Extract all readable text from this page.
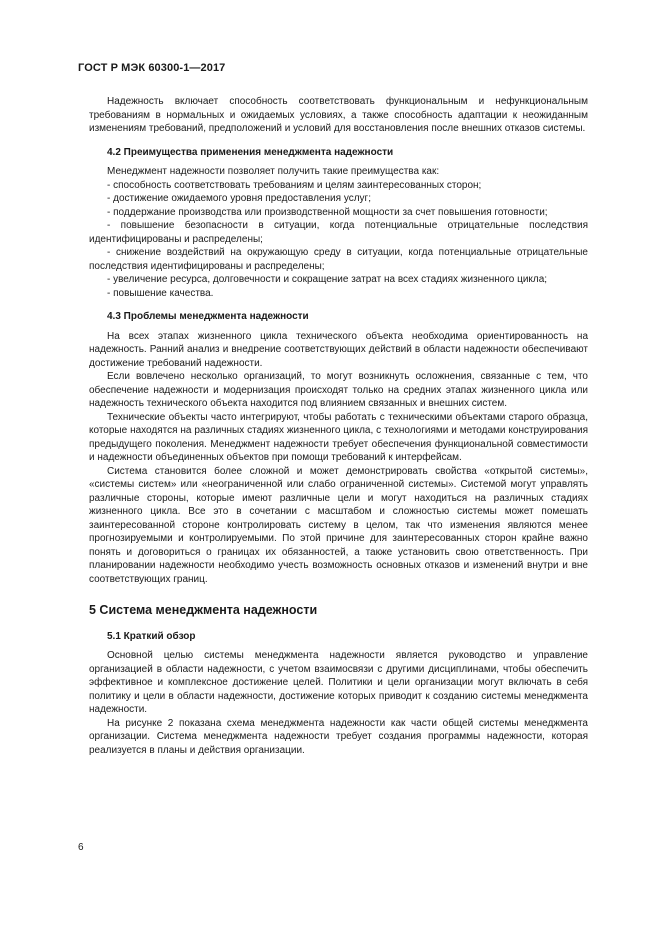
ГОСТ Р МЭК 60300-1—2017

Надежность включает способность соответствовать функциональным и нефункциональным требованиям в нормальных и ожидаемых условиях, а также способность адаптации к неожиданным изменениям требований, предположений и условий для восстановления после внешних отказов системы.

4.2 Преимущества применения менеджмента надежности

Менеджмент надежности позволяет получить такие преимущества как:

- способность соответствовать требованиям и целям заинтересованных сторон;

- достижение ожидаемого уровня предоставления услуг;

- поддержание производства или производственной мощности за счет повышения готовности;

- повышение безопасности в ситуации, когда потенциальные отрицательные последствия идентифицированы и распределены;

- снижение воздействий на окружающую среду в ситуации, когда потенциальные отрицательные последствия идентифицированы и распределены;

- увеличение ресурса, долговечности и сокращение затрат на всех стадиях жизненного цикла;

- повышение качества.

4.3 Проблемы менеджмента надежности

На всех этапах жизненного цикла технического объекта необходима ориентированность на надежность. Ранний анализ и внедрение соответствующих действий в области надежности обеспечивают достижение требований надежности.

Если вовлечено несколько организаций, то могут возникнуть осложнения, связанные с тем, что обеспечение надежности и модернизация происходят только на средних этапах жизненного цикла или надежность технического объекта находится под влиянием связанных и внешних систем.

Технические объекты часто интегрируют, чтобы работать с техническими объектами старого образца, которые находятся на различных стадиях жизненного цикла, с технологиями и методами конструирования предыдущего поколения. Менеджмент надежности требует обеспечения функциональной совместимости и надежности объединенных объектов при помощи требований к интерфейсам.

Система становится более сложной и может демонстрировать свойства «открытой системы», «системы систем» или «неограниченной или слабо ограниченной системы». Системой могут управлять различные стороны, которые имеют различные цели и могут находиться на различных стадиях жизненного цикла. Все это в сочетании с масштабом и сложностью системы может помешать заинтересованной стороне контролировать систему в целом, так что изменения являются менее прогнозируемыми и контролируемыми. По этой причине для заинтересованных сторон крайне важно понять и договориться о границах их обязанностей, а также установить свою ответственность. При планировании надежности необходимо учесть возможность основных отказов и изменений внутри и вне соответствующих границ.

5 Система менеджмента надежности
5.1 Краткий обзор

Основной целью системы менеджмента надежности является руководство и управление организацией в области надежности, с учетом взаимосвязи с другими дисциплинами, чтобы обеспечить эффективное и комплексное достижение целей. Политики и цели организации могут включать в себя политику и цели в области надежности, достижение которых приводит к созданию системы менеджмента надежности.

На рисунке 2 показана схема менеджмента надежности как части общей системы менеджмента организации. Система менеджмента надежности требует создания программы надежности, которая реализуется в планы и действия организации.

6
